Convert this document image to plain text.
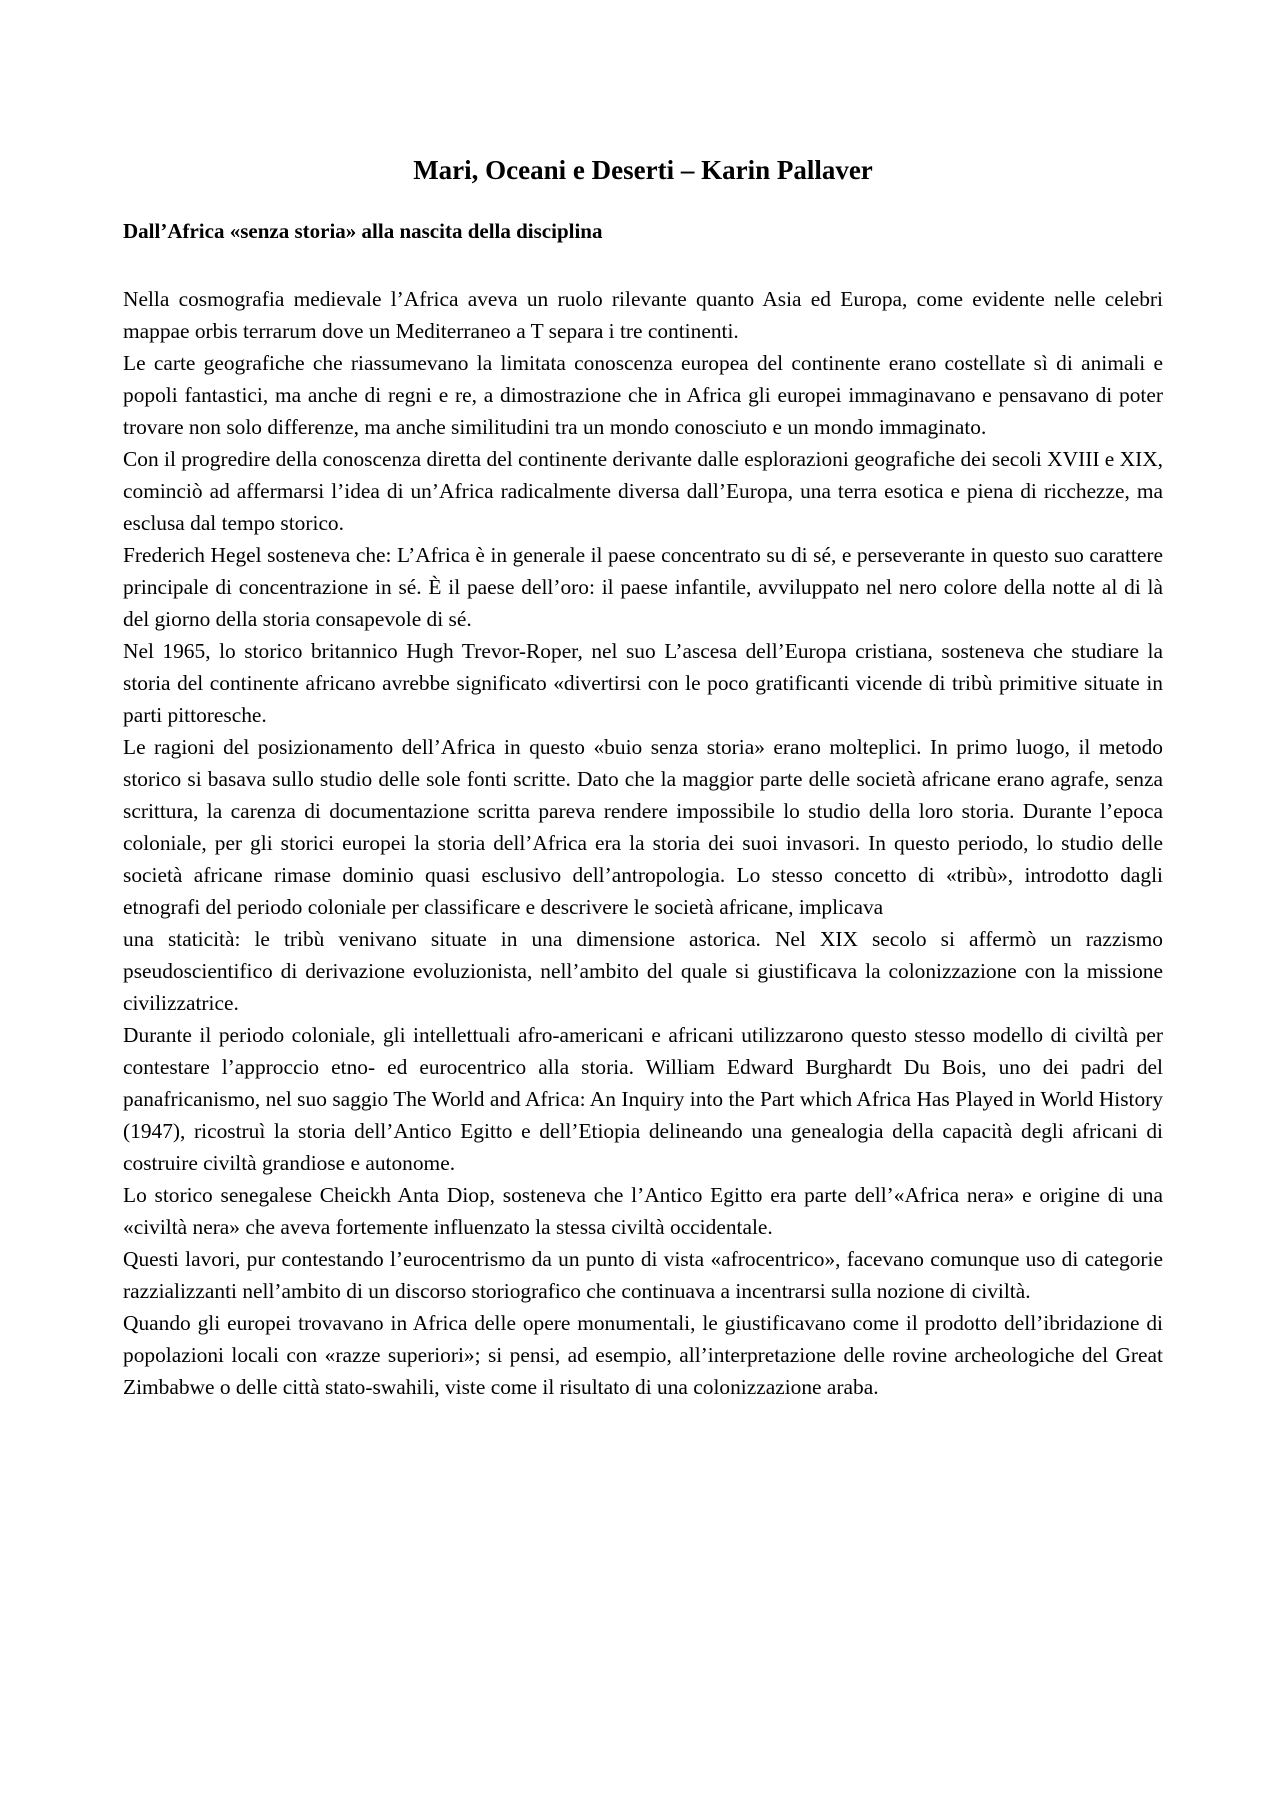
Mari, Oceani e Deserti – Karin Pallaver
Dall’Africa «senza storia» alla nascita della disciplina

Nella cosmografia medievale l’Africa aveva un ruolo rilevante quanto Asia ed Europa, come evidente nelle celebri mappae orbis terrarum dove un Mediterraneo a T separa i tre continenti.

Le carte geografiche che riassumevano la limitata conoscenza europea del continente erano costellate sì di animali e popoli fantastici, ma anche di regni e re, a dimostrazione che in Africa gli europei immaginavano e pensavano di poter trovare non solo differenze, ma anche similitudini tra un mondo conosciuto e un mondo immaginato.

Con il progredire della conoscenza diretta del continente derivante dalle esplorazioni geografiche dei secoli XVIII e XIX, cominciò ad affermarsi l’idea di un’Africa radicalmente diversa dall’Europa, una terra esotica e piena di ricchezze, ma esclusa dal tempo storico.

Frederich Hegel sosteneva che: L’Africa è in generale il paese concentrato su di sé, e perseverante in questo suo carattere principale di concentrazione in sé. È il paese dell’oro: il paese infantile, avviluppato nel nero colore della notte al di là del giorno della storia consapevole di sé.

Nel 1965, lo storico britannico Hugh Trevor-Roper, nel suo L’ascesa dell’Europa cristiana, sosteneva che studiare la storia del continente africano avrebbe significato «divertirsi con le poco gratificanti vicende di tribù primitive situate in parti pittoresche.

Le ragioni del posizionamento dell’Africa in questo «buio senza storia» erano molteplici. In primo luogo, il metodo storico si basava sullo studio delle sole fonti scritte. Dato che la maggior parte delle società africane erano agrafe, senza scrittura, la carenza di documentazione scritta pareva rendere impossibile lo studio della loro storia. Durante l’epoca coloniale, per gli storici europei la storia dell’Africa era la storia dei suoi invasori. In questo periodo, lo studio delle società africane rimase dominio quasi esclusivo dell’antropologia. Lo stesso concetto di «tribù», introdotto dagli etnografi del periodo coloniale per classificare e descrivere le società africane, implicava

una staticità: le tribù venivano situate in una dimensione astorica. Nel XIX secolo si affermò un razzismo pseudoscientifico di derivazione evoluzionista, nell’ambito del quale si giustificava la colonizzazione con la missione civilizzatrice.

Durante il periodo coloniale, gli intellettuali afro-americani e africani utilizzarono questo stesso modello di civiltà per contestare l’approccio etno- ed eurocentrico alla storia. William Edward Burghardt Du Bois, uno dei padri del panafricanismo, nel suo saggio The World and Africa: An Inquiry into the Part which Africa Has Played in World History (1947), ricostruì la storia dell’Antico Egitto e dell’Etiopia delineando una genealogia della capacità degli africani di costruire civiltà grandiose e autonome.

Lo storico senegalese Cheickh Anta Diop, sosteneva che l’Antico Egitto era parte dell’«Africa nera» e origine di una «civiltà nera» che aveva fortemente influenzato la stessa civiltà occidentale.

Questi lavori, pur contestando l’eurocentrismo da un punto di vista «afrocentrico», facevano comunque uso di categorie razzializzanti nell’ambito di un discorso storiografico che continuava a incentrarsi sulla nozione di civiltà.

Quando gli europei trovavano in Africa delle opere monumentali, le giustificavano come il prodotto dell’ibridazione di popolazioni locali con «razze superiori»; si pensi, ad esempio, all’interpretazione delle rovine archeologiche del Great Zimbabwe o delle città stato-swahili, viste come il risultato di una colonizzazione araba.
